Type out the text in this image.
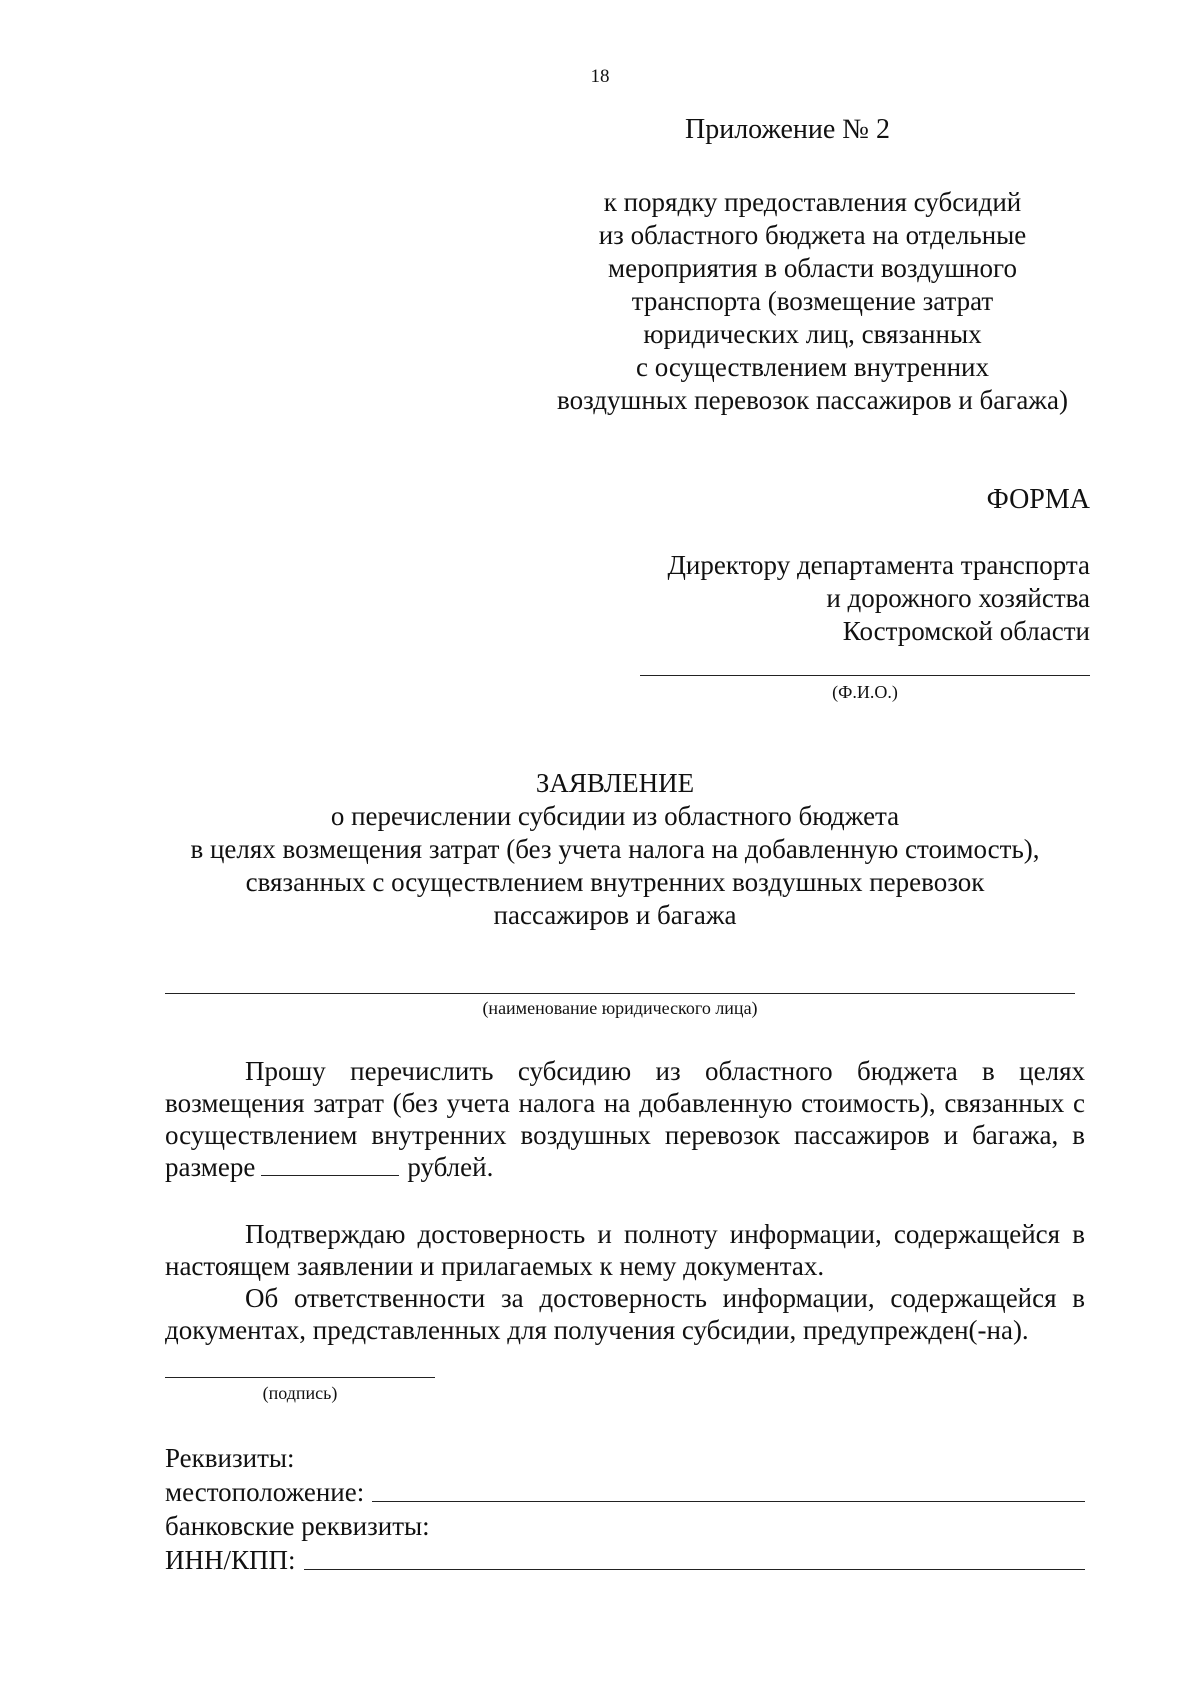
18
Приложение № 2
к порядку предоставления субсидий
из областного бюджета на отдельные
мероприятия в области воздушного
транспорта (возмещение затрат
юридических лиц, связанных
с осуществлением внутренних
воздушных перевозок пассажиров и багажа)
ФОРМА
Директору департамента транспорта
и дорожного хозяйства
Костромской области
(Ф.И.О.)
ЗАЯВЛЕНИЕ
о перечислении субсидии из областного бюджета
в целях возмещения затрат (без учета налога на добавленную стоимость),
связанных с осуществлением внутренних воздушных перевозок
пассажиров и багажа
(наименование юридического лица)
Прошу перечислить субсидию из областного бюджета в целях возмещения затрат (без учета налога на добавленную стоимость), связанных с осуществлением внутренних воздушных перевозок пассажиров и багажа, в размере	рублей.
Подтверждаю достоверность и полноту информации, содержащейся в настоящем заявлении и прилагаемых к нему документах.
Об ответственности за достоверность информации, содержащейся в документах, представленных для получения субсидии, предупрежден(-на).
(подпись)
Реквизиты:
местоположение:
банковские реквизиты:
ИНН/КПП:
